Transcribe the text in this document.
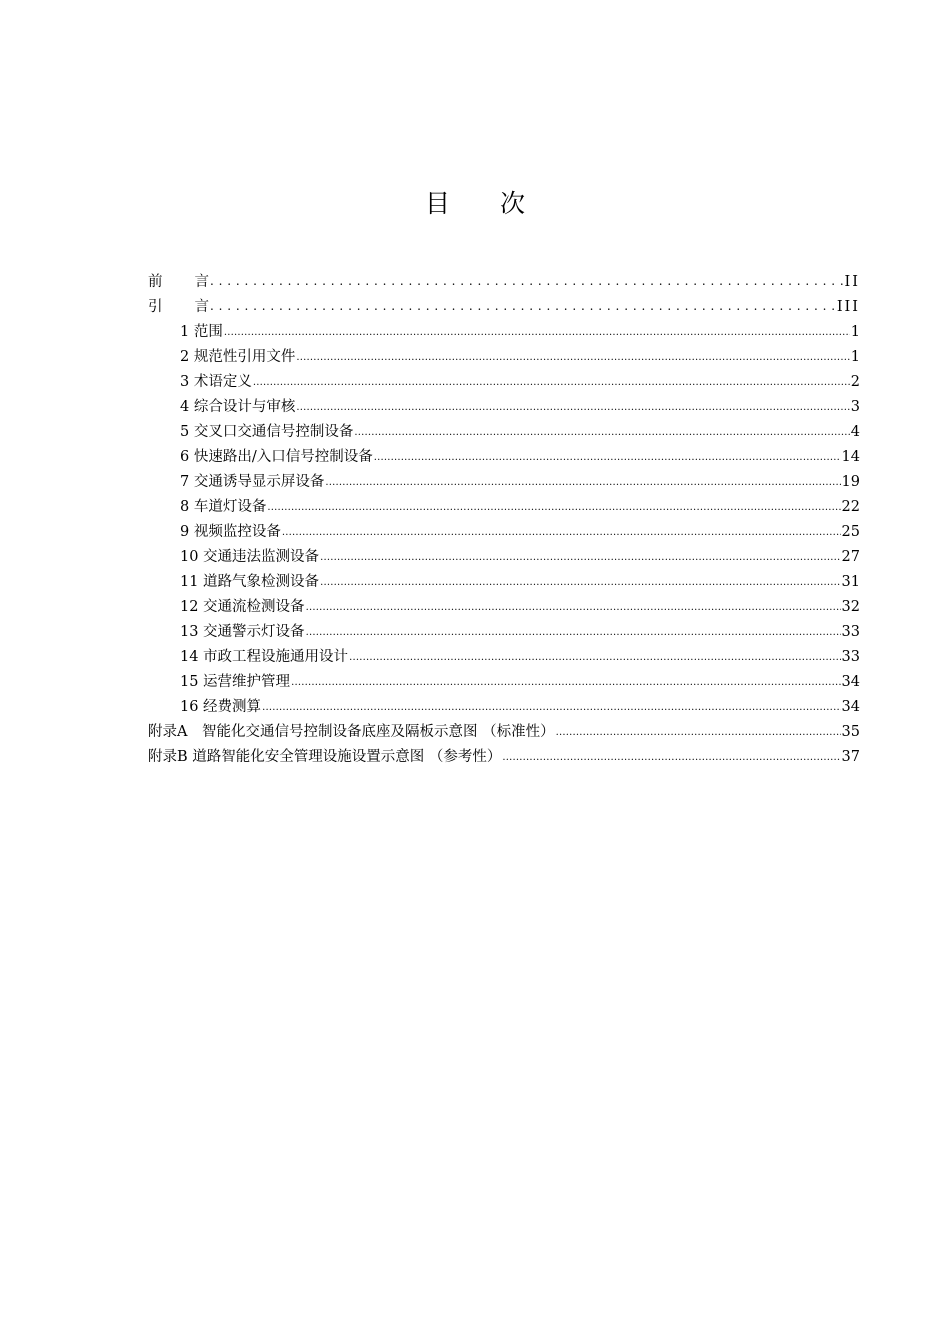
目 次
前 言 . . .	II
引 言 . . .	III
1 范围 .....	1
2 规范性引用文件 .....	1
3 术语定义 .....	2
4 综合设计与审核 .....	3
5 交叉口交通信号控制设备 .....	4
6 快速路出/入口信号控制设备 .....	14
7 交通诱导显示屏设备 .....	19
8 车道灯设备 .....	22
9 视频监控设备 .....	25
10 交通违法监测设备 .....	27
11 道路气象检测设备 .....	31
12 交通流检测设备 .....	32
13 交通警示灯设备 .....	33
14 市政工程设施通用设计 .....	33
15 运营维护管理 .....	34
16 经费测算 .....	34
附录A　智能化交通信号控制设备底座及隔板示意图 （标准性） .....	35
附录B 道路智能化安全管理设施设置示意图 （参考性） .....	37
